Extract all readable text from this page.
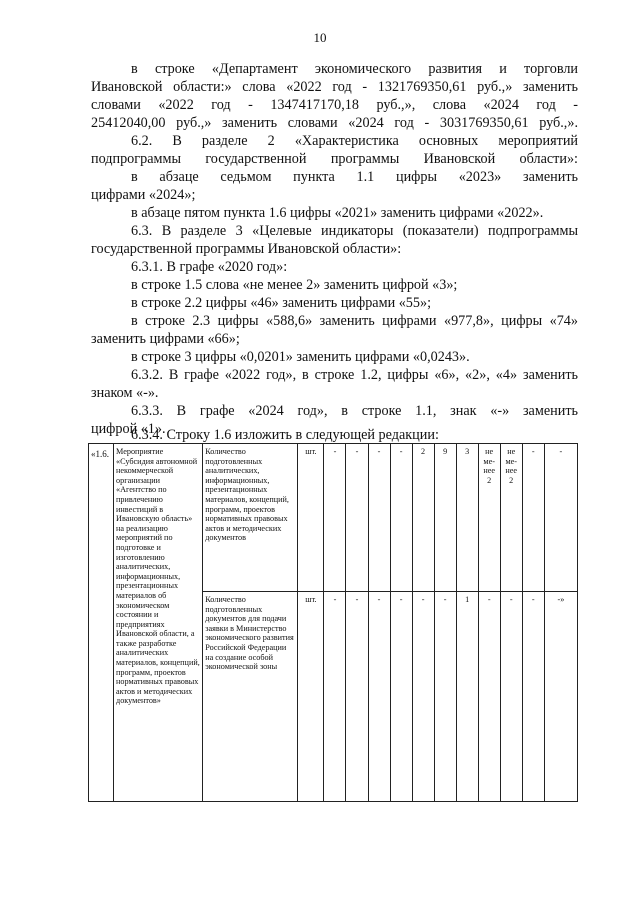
10

в строке «Департамент экономического развития и торговли

Ивановской области:» слова «2022 год - 1321769350,61 руб.,» заменить

словами «2022 год - 1347417170,18 руб.,», слова «2024 год -

25412040,00 руб.,» заменить словами «2024 год - 3031769350,61 руб.,».

6.2. В разделе 2 «Характеристика основных мероприятий

подпрограммы государственной программы Ивановской области»:

в абзаце седьмом пункта 1.1 цифры «2023» заменить

цифрами «2024»;

в абзаце пятом пункта 1.6 цифры «2021» заменить цифрами «2022».

6.3. В разделе 3 «Целевые индикаторы (показатели) подпрограммы

государственной программы Ивановской области»:

6.3.1. В графе «2020 год»:

в строке 1.5 слова «не менее 2» заменить цифрой «3»;

в строке 2.2 цифры «46» заменить цифрами «55»;

в строке 2.3 цифры «588,6» заменить цифрами «977,8», цифры «74»

заменить цифрами «66»;

в строке 3 цифры «0,0201» заменить цифрами «0,0243».

6.3.2. В графе «2022 год», в строке 1.2, цифры «6», «2», «4» заменить

знаком «-».

6.3.3. В графе «2024 год», в строке 1.1, знак «-» заменить

цифрой «1».

6.3.4. Строку 1.6 изложить в следующей редакции:

«1.6.	Мероприятие «Субсидия автономной некоммерческой организации «Агентство по привлечению инвестиций в Ивановскую область» на реализацию мероприятий по подготовке и изготовлению аналитических, информационных, презентационных материалов об экономическом состоянии и предприятиях Ивановской области, а также разработке аналитических материалов, концепций, программ, проектов нормативных правовых актов и методических документов»	Количество подготовленных аналитических, информационных, презентационных материалов, концепций, программ, проектов нормативных правовых актов и методических документов	шт.	-	-	-	-	2	9	3	не ме-нее 2	не ме-нее 2	-	-
		Количество подготовленных документов для подачи заявки в Министерство экономического развития Российской Федерации на создание особой экономической зоны	шт.	-	-	-	-	-	-	1	-	-	-	-»
